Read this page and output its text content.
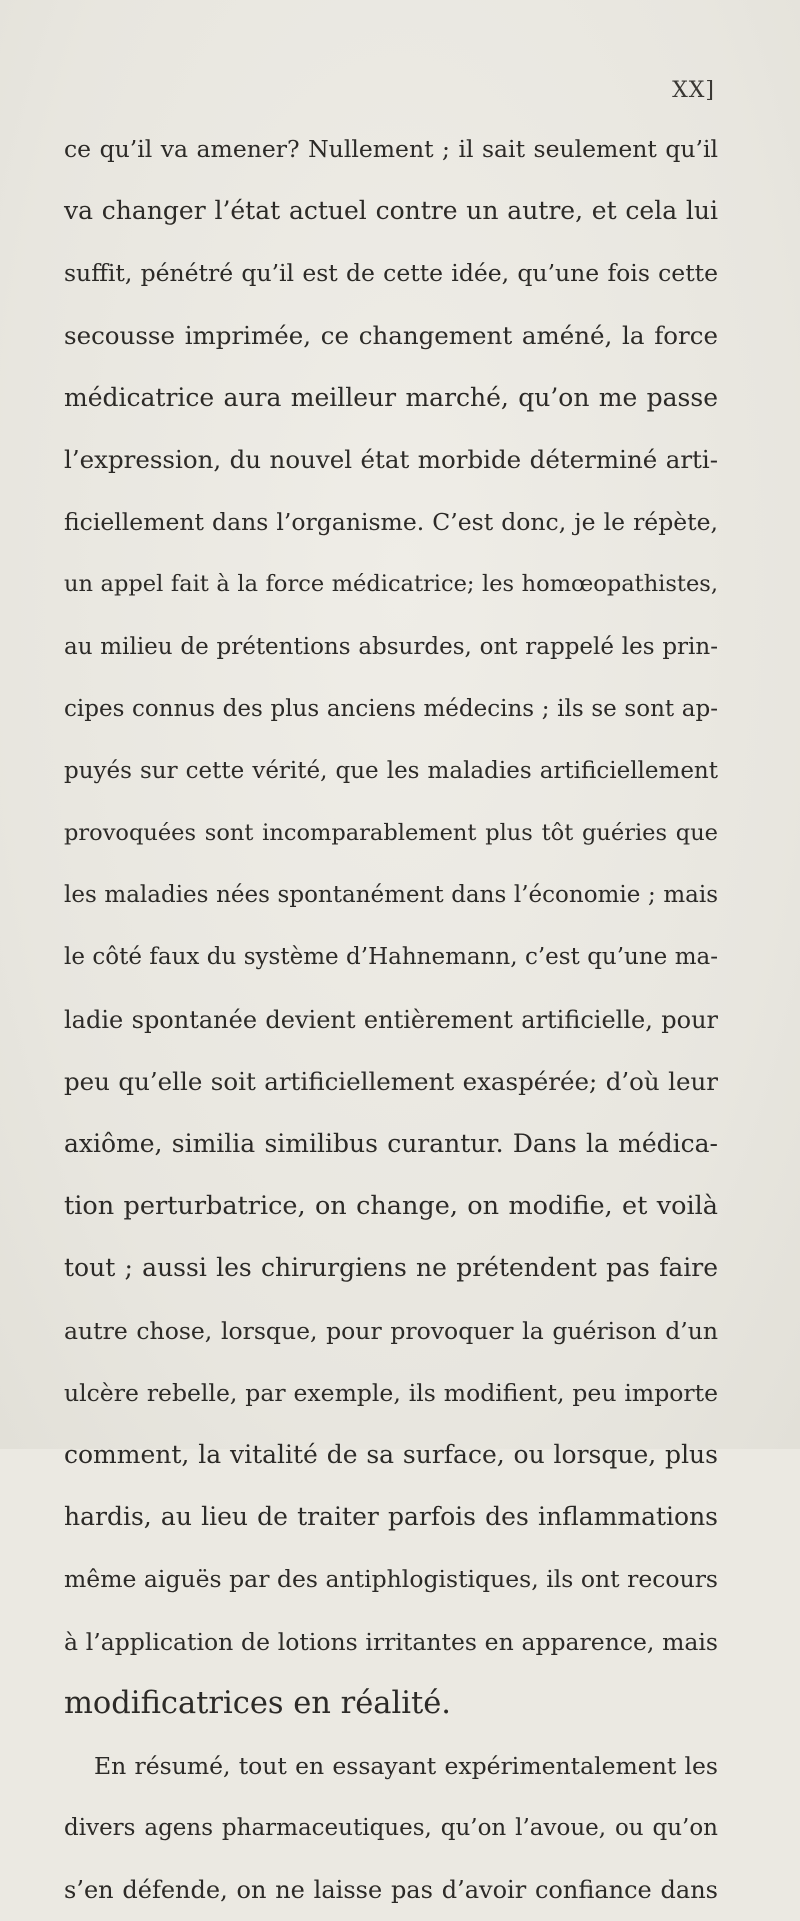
XX]
ce qu’il va amener? Nullement ; il sait seulement qu’il
va changer l’état actuel contre un autre, et cela lui
suffit, pénétré qu’il est de cette idée, qu’une fois cette
secousse imprimée, ce changement améné, la force
médicatrice aura meilleur marché, qu’on me passe
l’expression, du nouvel état morbide déterminé arti-
ficiellement dans l’organisme. C’est donc, je le répète,
un appel fait à la force médicatrice; les homœopathistes,
au milieu de prétentions absurdes, ont rappelé les prin-
cipes connus des plus anciens médecins ; ils se sont ap-
puyés sur cette vérité, que les maladies artificiellement
provoquées sont incomparablement plus tôt guéries que
les maladies nées spontanément dans l’économie ; mais
le côté faux du système d’Hahnemann, c’est qu’une ma-
ladie spontanée devient entièrement artificielle, pour
peu qu’elle soit artificiellement exaspérée; d’où leur
axiôme, similia similibus curantur. Dans la médica-
tion perturbatrice, on change, on modifie, et voilà
tout ; aussi les chirurgiens ne prétendent pas faire
autre chose, lorsque, pour provoquer la guérison d’un
ulcère rebelle, par exemple, ils modifient, peu importe
comment, la vitalité de sa surface, ou lorsque, plus
hardis, au lieu de traiter parfois des inflammations
même aiguës par des antiphlogistiques, ils ont recours
à l’application de lotions irritantes en apparence, mais
modificatrices en réalité.
En résumé, tout en essayant expérimentalement les
divers agens pharmaceutiques, qu’on l’avoue, ou qu’on
s’en défende, on ne laisse pas d’avoir confiance dans
